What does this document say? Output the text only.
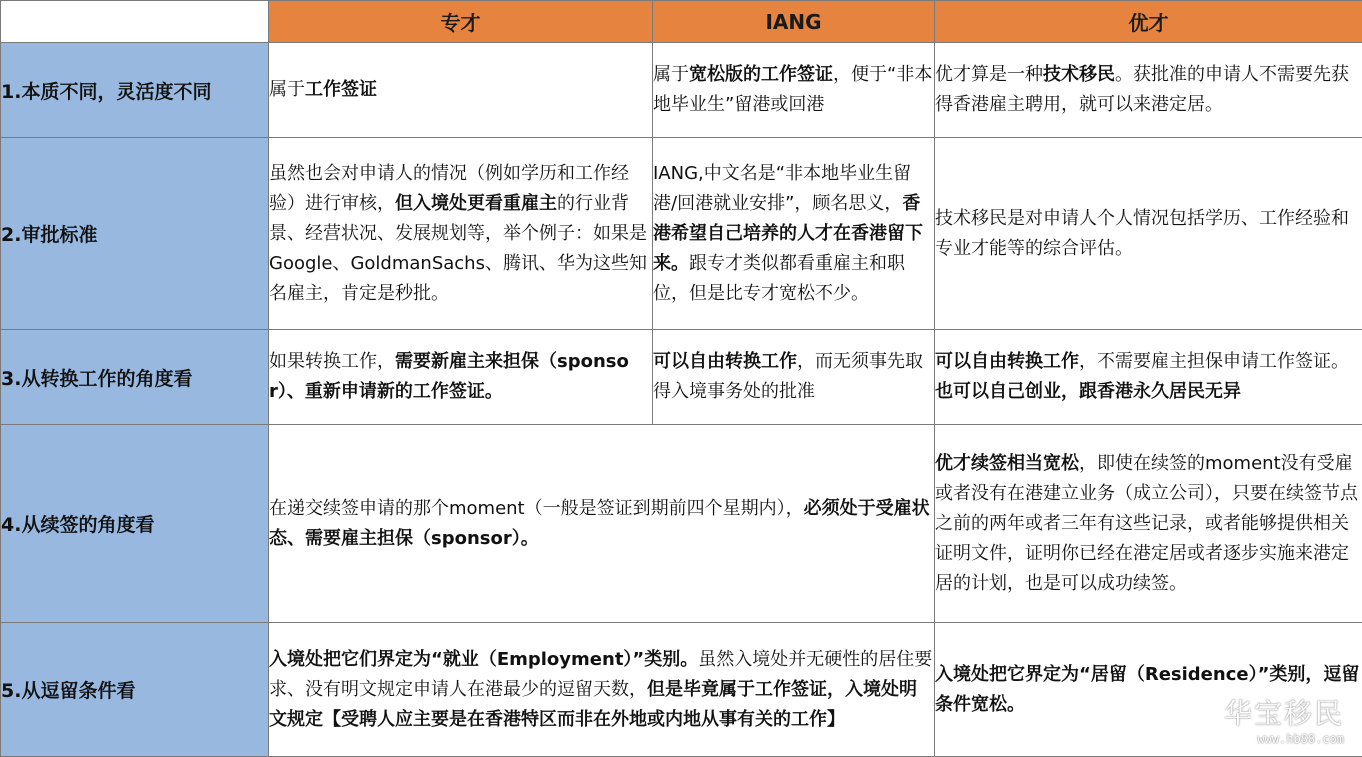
	专才	IANG	优才
1.本质不同，灵活度不同	属于工作签证	属于宽松版的工作签证，便于“非本地毕业生”留港或回港	优才算是一种技术移民。获批准的申请人不需要先获得香港雇主聘用，就可以来港定居。
2.审批标准	虽然也会对申请人的情况（例如学历和工作经验）进行审核，但入境处更看重雇主的行业背景、经营状况、发展规划等，举个例子：如果是Google、GoldmanSachs、腾讯、华为这些知名雇主，肯定是秒批。	IANG,中文名是“非本地毕业生留港/回港就业安排”，顾名思义，香港希望自己培养的人才在香港留下来。跟专才类似都看重雇主和职位，但是比专才宽松不少。	技术移民是对申请人个人情况包括学历、工作经验和专业才能等的综合评估。
3.从转换工作的角度看	如果转换工作，需要新雇主来担保（sponsor）、重新申请新的工作签证。	可以自由转换工作，而无须事先取得入境事务处的批准	可以自由转换工作，不需要雇主担保申请工作签证。也可以自己创业，跟香港永久居民无异
4.从续签的角度看	在递交续签申请的那个moment（一般是签证到期前四个星期内），必须处于受雇状态、需要雇主担保（sponsor）。		优才续签相当宽松，即使在续签的moment没有受雇或者没有在港建立业务（成立公司），只要在续签节点之前的两年或者三年有这些记录，或者能够提供相关证明文件，证明你已经在港定居或者逐步实施来港定居的计划，也是可以成功续签。
5.从逗留条件看	入境处把它们界定为“就业（Employment）”类别。虽然入境处并无硬性的居住要求、没有明文规定申请人在港最少的逗留天数，但是毕竟属于工作签证，入境处明文规定【受聘人应主要是在香港特区而非在外地或内地从事有关的工作】		入境处把它界定为“居留（Residence）”类别，逗留条件宽松。	华宝移民
www.hb88.com
